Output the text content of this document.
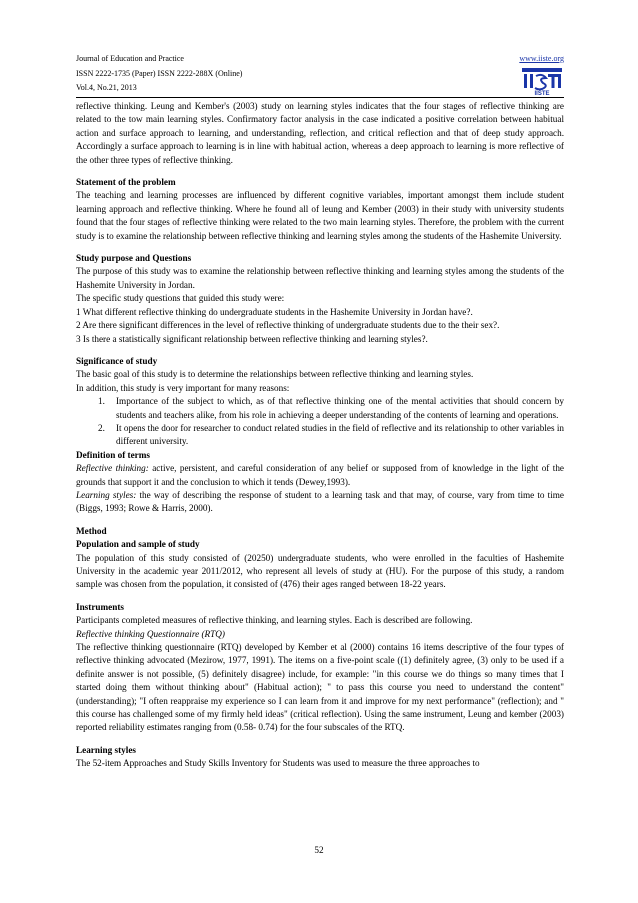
Journal of Education and Practice
ISSN 2222-1735 (Paper) ISSN 2222-288X (Online)
Vol.4, No.21, 2013
www.iiste.org
IISTE

reflective thinking. Leung and Kember's (2003) study on learning styles indicates that the four stages of reflective thinking are related to the tow main learning styles. Confirmatory factor analysis in the case indicated a positive correlation between habitual action and surface approach to learning, and understanding, reflection, and critical reflection and that of deep study approach. Accordingly a surface approach to learning is in line with habitual action, whereas a deep approach to learning is more reflective of the other three types of reflective thinking.

Statement of the problem

The teaching and learning processes are influenced by different cognitive variables, important amongst them include student learning approach and reflective thinking. Where he found all of leung and Kember (2003) in their study with university students found that the four stages of reflective thinking were related to the two main learning styles. Therefore, the problem with the current study is to examine the relationship between reflective thinking and learning styles among the students of the Hashemite University.

Study purpose and Questions

The purpose of this study was to examine the relationship between reflective thinking and learning styles among the students of the Hashemite University in Jordan.

The specific study questions that guided this study were:

1 What different reflective thinking do undergraduate students in the Hashemite University in Jordan have?.

2 Are there significant differences in the level of reflective thinking of undergraduate students due to the their sex?.

3 Is there a statistically significant relationship between reflective thinking and learning styles?.

Significance of study

The basic goal of this study is to determine the relationships between reflective thinking and learning styles.

In addition, this study is very important for many reasons:

1. Importance of the subject to which, as of that reflective thinking one of the mental activities that should concern by students and teachers alike, from his role in achieving a deeper understanding of the contents of learning and operations.
2. It opens the door for researcher to conduct related studies in the field of reflective and its relationship to other variables in different university.

Definition of terms

Reflective thinking: active, persistent, and careful consideration of any belief or supposed from of knowledge in the light of the grounds that support it and the conclusion to which it tends (Dewey,1993).

Learning styles: the way of describing the response of student to a learning task and that may, of course, vary from time to time (Biggs, 1993; Rowe & Harris, 2000).

Method

Population and sample of study

The population of this study consisted of (20250) undergraduate students, who were enrolled in the faculties of Hashemite University in the academic year 2011/2012, who represent all levels of study at (HU). For the purpose of this study, a random sample was chosen from the population, it consisted of (476) their ages ranged between 18-22 years.

Instruments

Participants completed measures of reflective thinking, and learning styles. Each is described are following.

Reflective thinking Questionnaire (RTQ)

The reflective thinking questionnaire (RTQ) developed by Kember et al (2000) contains 16 items descriptive of the four types of reflective thinking advocated (Mezirow, 1977, 1991). The items on a five-point scale ((1) definitely agree, (3) only to be used if a definite answer is not possible, (5) definitely disagree) include, for example: "in this course we do things so many times that I started doing them without thinking about" (Habitual action); " to pass this course you need to understand the content" (understanding); "I often reappraise my experience so I can learn from it and improve for my next performance" (reflection); and " this course has challenged some of my firmly held ideas" (critical reflection). Using the same instrument, Leung and kember (2003) reported reliability estimates ranging from (0.58- 0.74) for the four subscales of the RTQ.

Learning styles

The 52-item Approaches and Study Skills Inventory for Students was used to measure the three approaches to

52
